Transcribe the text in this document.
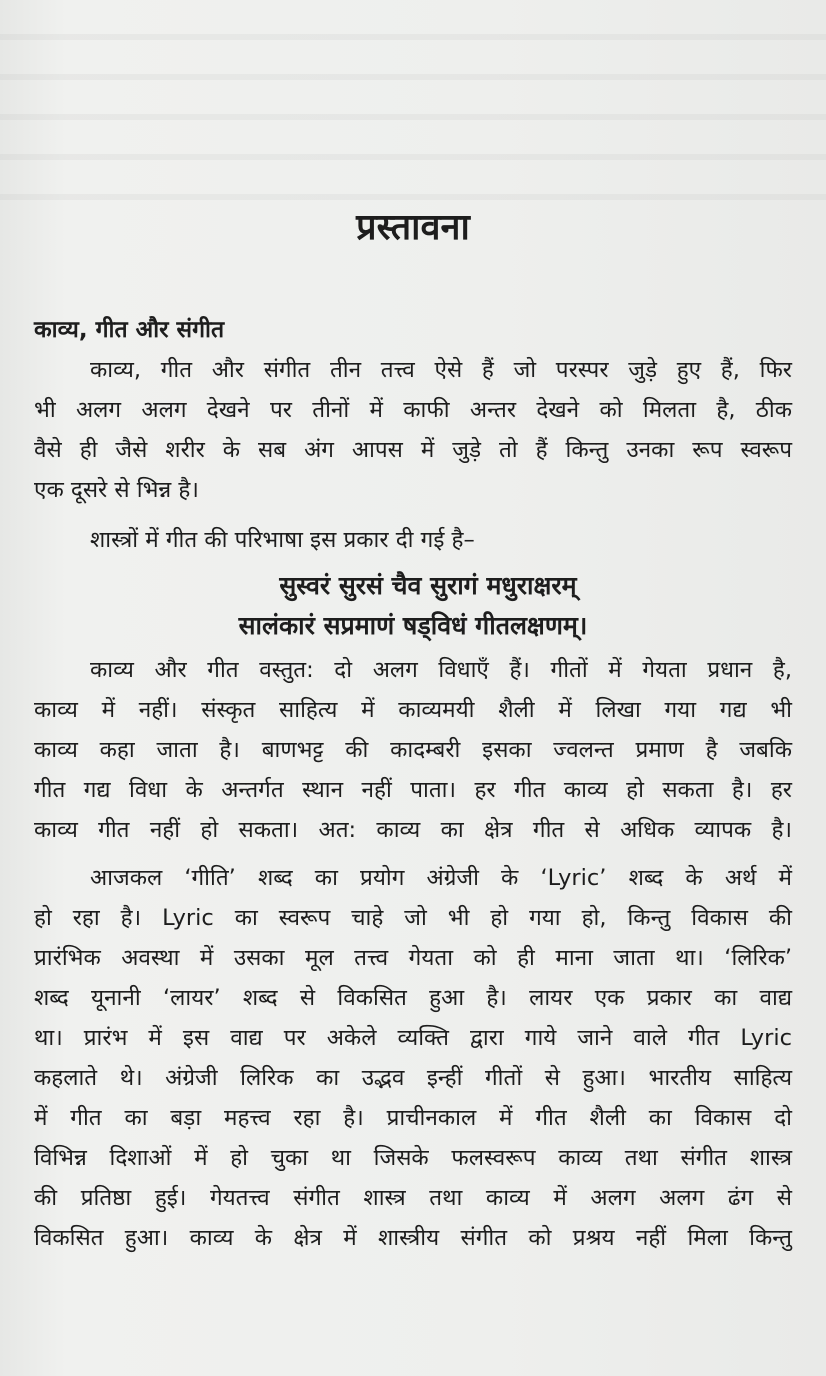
प्रस्तावना
काव्य, गीत और संगीत
काव्य, गीत और संगीत तीन तत्त्व ऐसे हैं जो परस्पर जुड़े हुए हैं, फिर
भी अलग अलग देखने पर तीनों में काफी अन्तर देखने को मिलता है, ठीक
वैसे ही जैसे शरीर के सब अंग आपस में जुड़े तो हैं किन्तु उनका रूप स्वरूप
एक दूसरे से भिन्न है।
शास्त्रों में गीत की परिभाषा इस प्रकार दी गई है–
सुस्वरं सुरसं चैव सुरागं मधुराक्षरम्
सालंकारं सप्रमाणं षड्विधं गीतलक्षणम्।
काव्य और गीत वस्तुत: दो अलग विधाएँ हैं। गीतों में गेयता प्रधान है,
काव्य में नहीं। संस्कृत साहित्य में काव्यमयी शैली में लिखा गया गद्य भी
काव्य कहा जाता है। बाणभट्ट की कादम्बरी इसका ज्वलन्त प्रमाण है जबकि
गीत गद्य विधा के अन्तर्गत स्थान नहीं पाता। हर गीत काव्य हो सकता है। हर
काव्य गीत नहीं हो सकता। अत: काव्य का क्षेत्र गीत से अधिक व्यापक है।
आजकल ‘गीति’ शब्द का प्रयोग अंग्रेजी के ‘Lyric’ शब्द के अर्थ में
हो रहा है। Lyric का स्वरूप चाहे जो भी हो गया हो, किन्तु विकास की
प्रारंभिक अवस्था में उसका मूल तत्त्व गेयता को ही माना जाता था। ‘लिरिक’
शब्द यूनानी ‘लायर’ शब्द से विकसित हुआ है। लायर एक प्रकार का वाद्य
था। प्रारंभ में इस वाद्य पर अकेले व्यक्ति द्वारा गाये जाने वाले गीत Lyric
कहलाते थे। अंग्रेजी लिरिक का उद्भव इन्हीं गीतों से हुआ। भारतीय साहित्य
में गीत का बड़ा महत्त्व रहा है। प्राचीनकाल में गीत शैली का विकास दो
विभिन्न दिशाओं में हो चुका था जिसके फलस्वरूप काव्य तथा संगीत शास्त्र
की प्रतिष्ठा हुई। गेयतत्त्व संगीत शास्त्र तथा काव्य में अलग अलग ढंग से
विकसित हुआ। काव्य के क्षेत्र में शास्त्रीय संगीत को प्रश्रय नहीं मिला किन्तु
